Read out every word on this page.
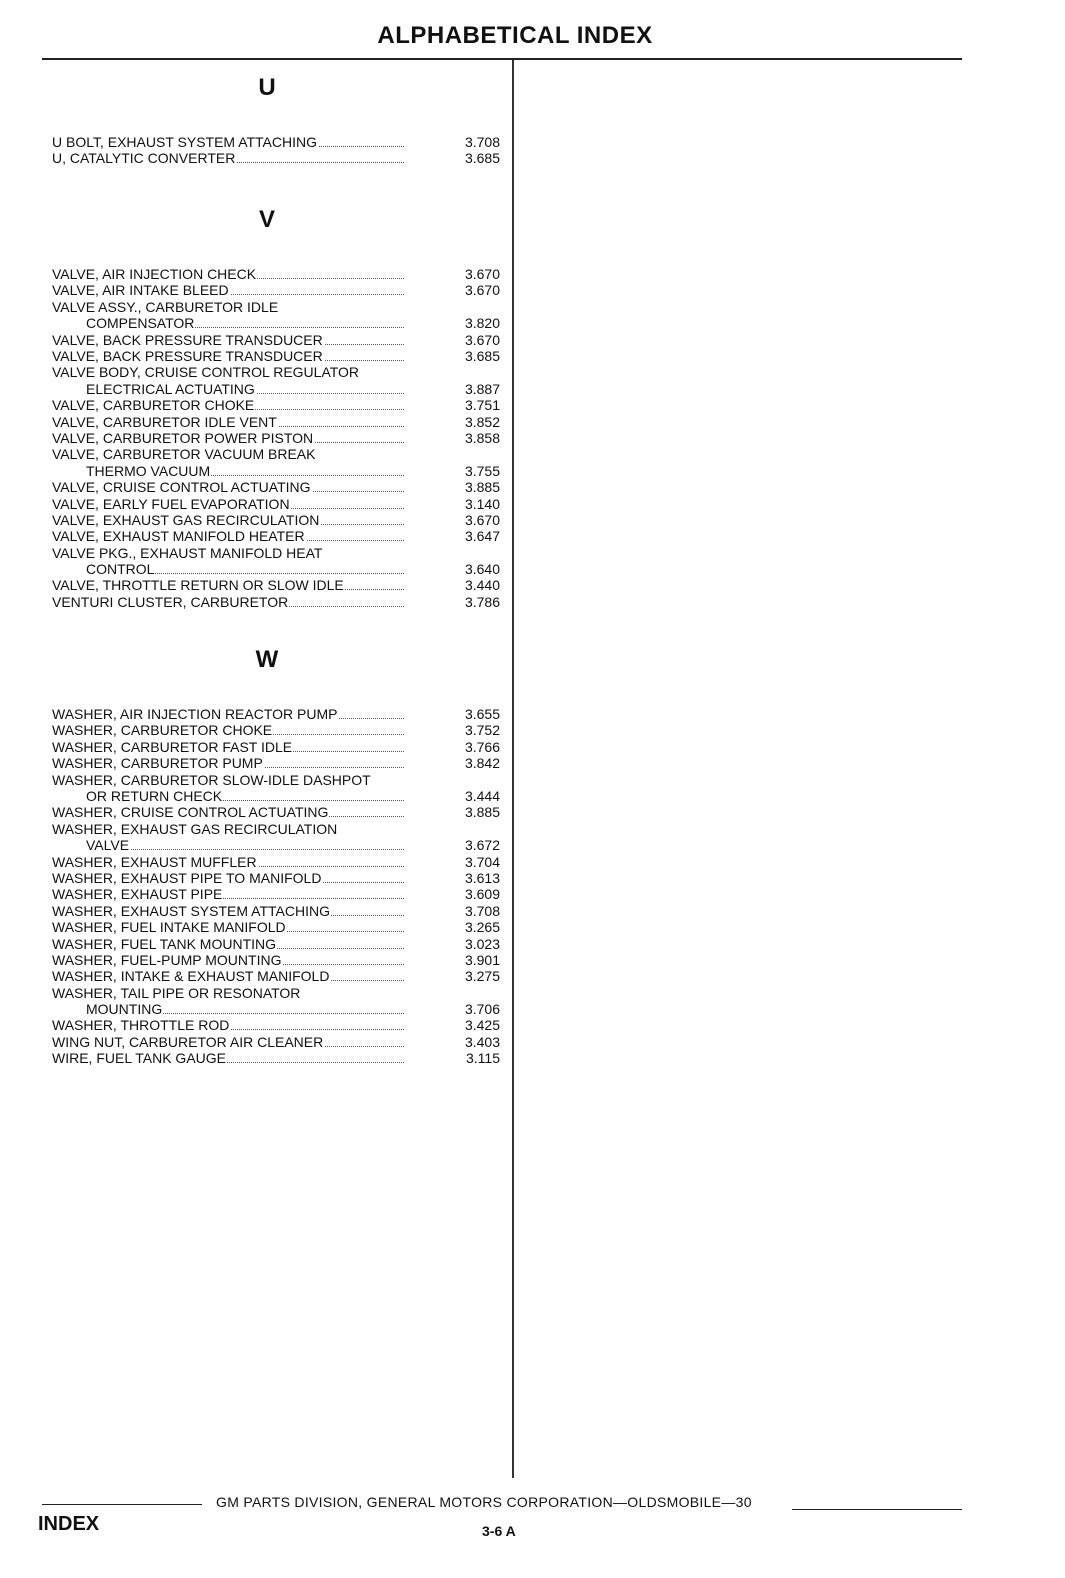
ALPHABETICAL INDEX
U
U BOLT, EXHAUST SYSTEM ATTACHING	3.708
U, CATALYTIC CONVERTER	3.685
V
VALVE, AIR INJECTION CHECK	3.670
VALVE, AIR INTAKE BLEED	3.670
VALVE ASSY., CARBURETOR IDLE
COMPENSATOR	3.820
VALVE, BACK PRESSURE TRANSDUCER	3.670
VALVE, BACK PRESSURE TRANSDUCER	3.685
VALVE BODY, CRUISE CONTROL REGULATOR
ELECTRICAL ACTUATING	3.887
VALVE, CARBURETOR CHOKE	3.751
VALVE, CARBURETOR IDLE VENT	3.852
VALVE, CARBURETOR POWER PISTON	3.858
VALVE, CARBURETOR VACUUM BREAK
THERMO VACUUM	3.755
VALVE, CRUISE CONTROL ACTUATING	3.885
VALVE, EARLY FUEL EVAPORATION	3.140
VALVE, EXHAUST GAS RECIRCULATION	3.670
VALVE, EXHAUST MANIFOLD HEATER	3.647
VALVE PKG., EXHAUST MANIFOLD HEAT
CONTROL	3.640
VALVE, THROTTLE RETURN OR SLOW IDLE	3.440
VENTURI CLUSTER, CARBURETOR	3.786
W
WASHER, AIR INJECTION REACTOR PUMP	3.655
WASHER, CARBURETOR CHOKE	3.752
WASHER, CARBURETOR FAST IDLE	3.766
WASHER, CARBURETOR PUMP	3.842
WASHER, CARBURETOR SLOW-IDLE DASHPOT
OR RETURN CHECK	3.444
WASHER, CRUISE CONTROL ACTUATING	3.885
WASHER, EXHAUST GAS RECIRCULATION
VALVE	3.672
WASHER, EXHAUST MUFFLER	3.704
WASHER, EXHAUST PIPE TO MANIFOLD	3.613
WASHER, EXHAUST PIPE	3.609
WASHER, EXHAUST SYSTEM ATTACHING	3.708
WASHER, FUEL INTAKE MANIFOLD	3.265
WASHER, FUEL TANK MOUNTING	3.023
WASHER, FUEL-PUMP MOUNTING	3.901
WASHER, INTAKE & EXHAUST MANIFOLD	3.275
WASHER, TAIL PIPE OR RESONATOR
MOUNTING	3.706
WASHER, THROTTLE ROD	3.425
WING NUT, CARBURETOR AIR CLEANER	3.403
WIRE, FUEL TANK GAUGE	3.115
GM PARTS DIVISION, GENERAL MOTORS CORPORATION—OLDSMOBILE—30
INDEX	3-6 A
